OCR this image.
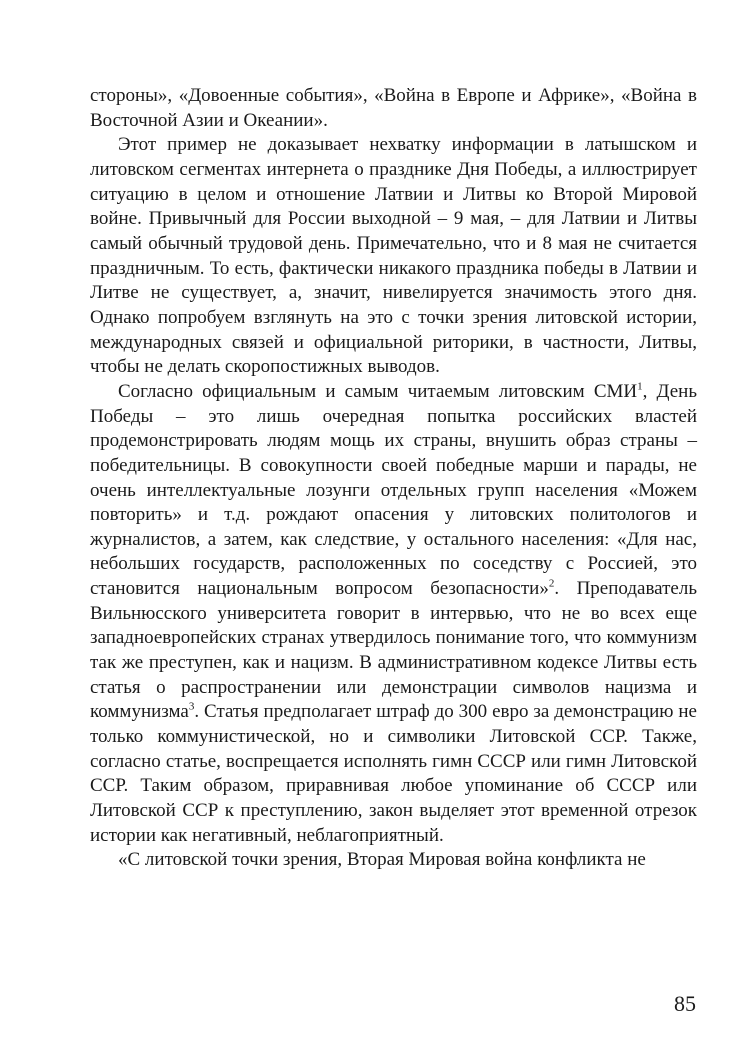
стороны», «Довоенные события», «Война в Европе и Африке», «Война в Восточной Азии и Океании».

Этот пример не доказывает нехватку информации в латышском и литовском сегментах интернета о празднике Дня Победы, а иллюстрирует ситуацию в целом и отношение Латвии и Литвы ко Второй Мировой войне. Привычный для России выходной – 9 мая, – для Латвии и Литвы самый обычный трудовой день. Примечательно, что и 8 мая не считается праздничным. То есть, фактически никакого праздника победы в Латвии и Литве не существует, а, значит, нивелируется значимость этого дня. Однако попробуем взглянуть на это с точки зрения литовской истории, международных связей и официальной риторики, в частности, Литвы, чтобы не делать скоропостижных выводов.

Согласно официальным и самым читаемым литовским СМИ$^1$, День Победы – это лишь очередная попытка российских властей продемонстрировать людям мощь их страны, внушить образ страны – победительницы. В совокупности своей победные марши и парады, не очень интеллектуальные лозунги отдельных групп населения «Можем повторить» и т.д. рождают опасения у литовских политологов и журналистов, а затем, как следствие, у остального населения: «Для нас, небольших государств, расположенных по соседству с Россией, это становится национальным вопросом безопасности»$^2$. Преподаватель Вильнюсского университета говорит в интервью, что не во всех еще западноевропейских странах утвердилось понимание того, что коммунизм так же преступен, как и нацизм. В административном кодексе Литвы есть статья о распространении или демонстрации символов нацизма и коммунизма$^3$. Статья предполагает штраф до 300 евро за демонстрацию не только коммунистической, но и символики Литовской ССР. Также, согласно статье, воспрещается исполнять гимн СССР или гимн Литовской ССР. Таким образом, приравнивая любое упоминание об СССР или Литовской ССР к преступлению, закон выделяет этот временной отрезок истории как негативный, неблагоприятный.

«С литовской точки зрения, Вторая Мировая война конфликта не

85
